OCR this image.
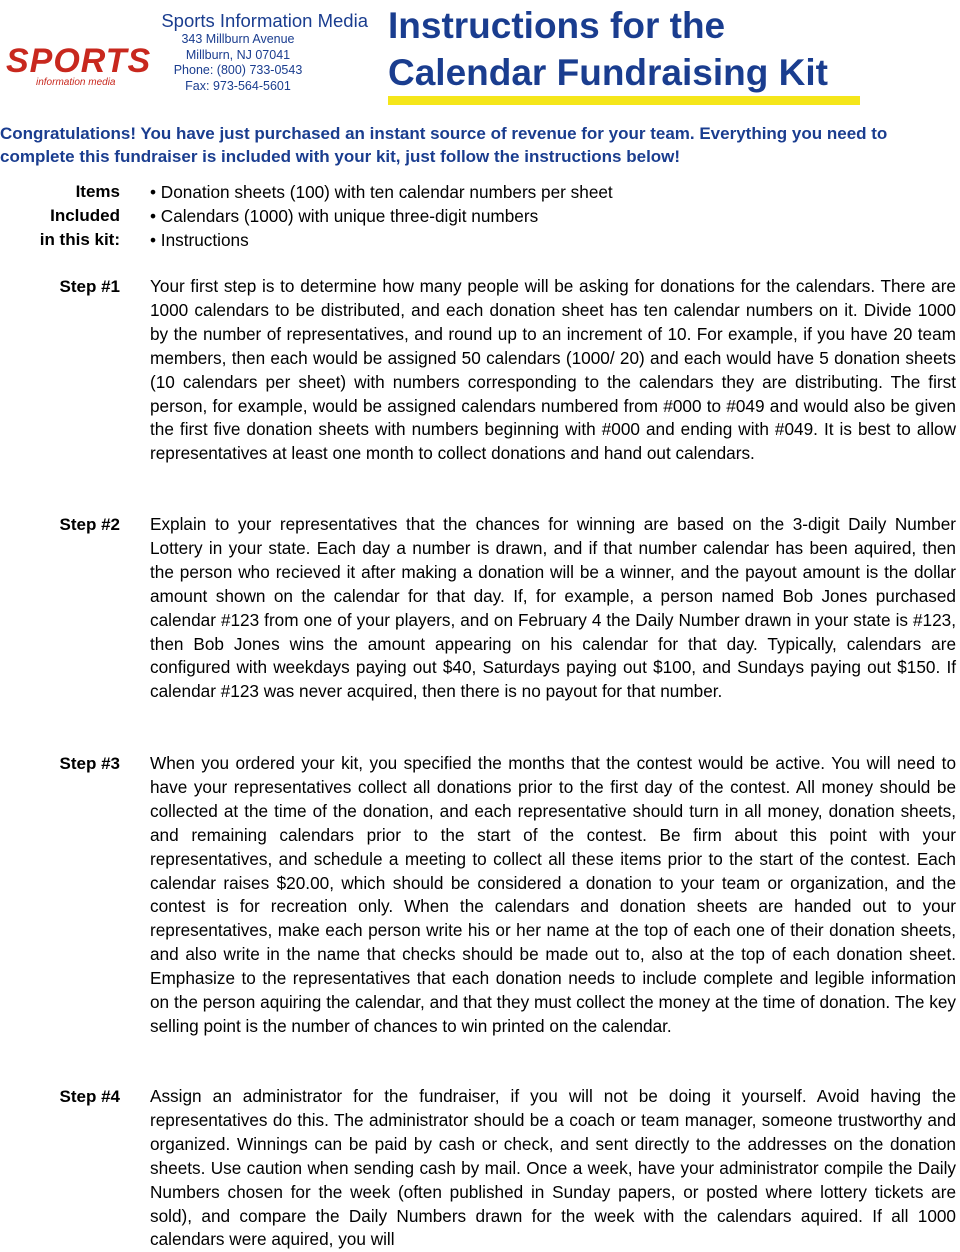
Sports Information Media
343 Millburn Avenue
Millburn, NJ 07041
Phone: (800) 733-0543
Fax: 973-564-5601
SPORTS
information media
Instructions for the
Calendar Fundraising Kit
Congratulations! You have just purchased an instant source of revenue for your team. Everything you need to complete this fundraiser is included with your kit, just follow the instructions below!
Items
Included
in this kit:
• Donation sheets (100) with ten calendar numbers per sheet
• Calendars (1000) with unique three-digit numbers
• Instructions
Step #1 Your first step is to determine how many people will be asking for donations for the calendars. There are 1000 calendars to be distributed, and each donation sheet has ten calendar numbers on it. Divide 1000 by the number of representatives, and round up to an increment of 10. For example, if you have 20 team members, then each would be assigned 50 calendars (1000/ 20) and each would have 5 donation sheets (10 calendars per sheet) with numbers corresponding to the calendars they are distributing. The first person, for example, would be assigned calendars numbered from #000 to #049 and would also be given the first five donation sheets with numbers beginning with #000 and ending with #049. It is best to allow representatives at least one month to collect donations and hand out calendars.
Step #2 Explain to your representatives that the chances for winning are based on the 3-digit Daily Number Lottery in your state. Each day a number is drawn, and if that number calendar has been aquired, then the person who recieved it after making a donation will be a winner, and the payout amount is the dollar amount shown on the calendar for that day. If, for example, a person named Bob Jones purchased calendar #123 from one of your players, and on February 4 the Daily Number drawn in your state is #123, then Bob Jones wins the amount appearing on his calendar for that day. Typically, calendars are configured with weekdays paying out $40, Saturdays paying out $100, and Sundays paying out $150. If calendar #123 was never acquired, then there is no payout for that number.
Step #3 When you ordered your kit, you specified the months that the contest would be active. You will need to have your representatives collect all donations prior to the first day of the contest. All money should be collected at the time of the donation, and each representative should turn in all money, donation sheets, and remaining calendars prior to the start of the contest. Be firm about this point with your representatives, and schedule a meeting to collect all these items prior to the start of the contest. Each calendar raises $20.00, which should be considered a donation to your team or organization, and the contest is for recreation only. When the calendars and donation sheets are handed out to your representatives, make each person write his or her name at the top of each one of their donation sheets, and also write in the name that checks should be made out to, also at the top of each donation sheet. Emphasize to the representatives that each donation needs to include complete and legible information on the person aquiring the calendar, and that they must collect the money at the time of donation. The key selling point is the number of chances to win printed on the calendar.
Step #4 Assign an administrator for the fundraiser, if you will not be doing it yourself. Avoid having the representatives do this. The administrator should be a coach or team manager, someone trustworthy and organized. Winnings can be paid by cash or check, and sent directly to the addresses on the donation sheets. Use caution when sending cash by mail. Once a week, have your administrator compile the Daily Numbers chosen for the week (often published in Sunday papers, or posted where lottery tickets are sold), and compare the Daily Numbers drawn for the week with the calendars aquired. If all 1000 calendars were aquired, you will
